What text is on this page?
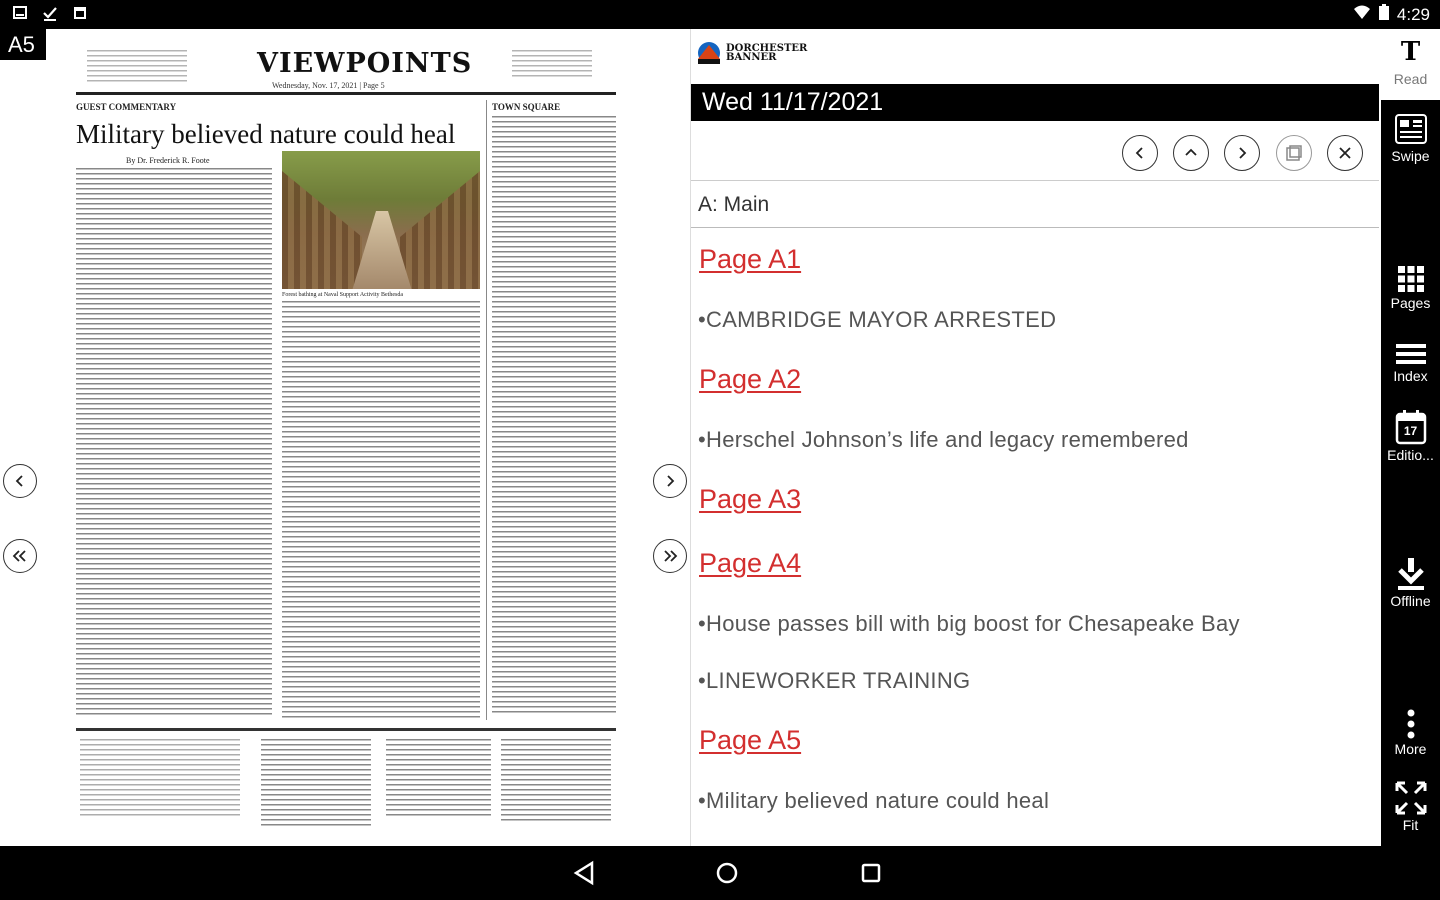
4:29
A5
VIEWPOINTS
Wednesday, Nov. 17, 2021 | Page 5
GUEST COMMENTARY	TOWN SQUARE
Military believed nature could heal
By Dr. Frederick R. Foote
Forest bathing at Naval Support Activity Bethesda
DORCHESTER
BANNER
Wed 11/17/2021
A: Main
Page A1
•CAMBRIDGE MAYOR ARRESTED
Page A2
•Herschel Johnson’s life and legacy remembered
Page A3
Page A4
•House passes bill with big boost for Chesapeake Bay
•LINEWORKER TRAINING
Page A5
•Military believed nature could heal
T
Read
Swipe
Pages
Index
17
Editio...
Offline
More
Fit
